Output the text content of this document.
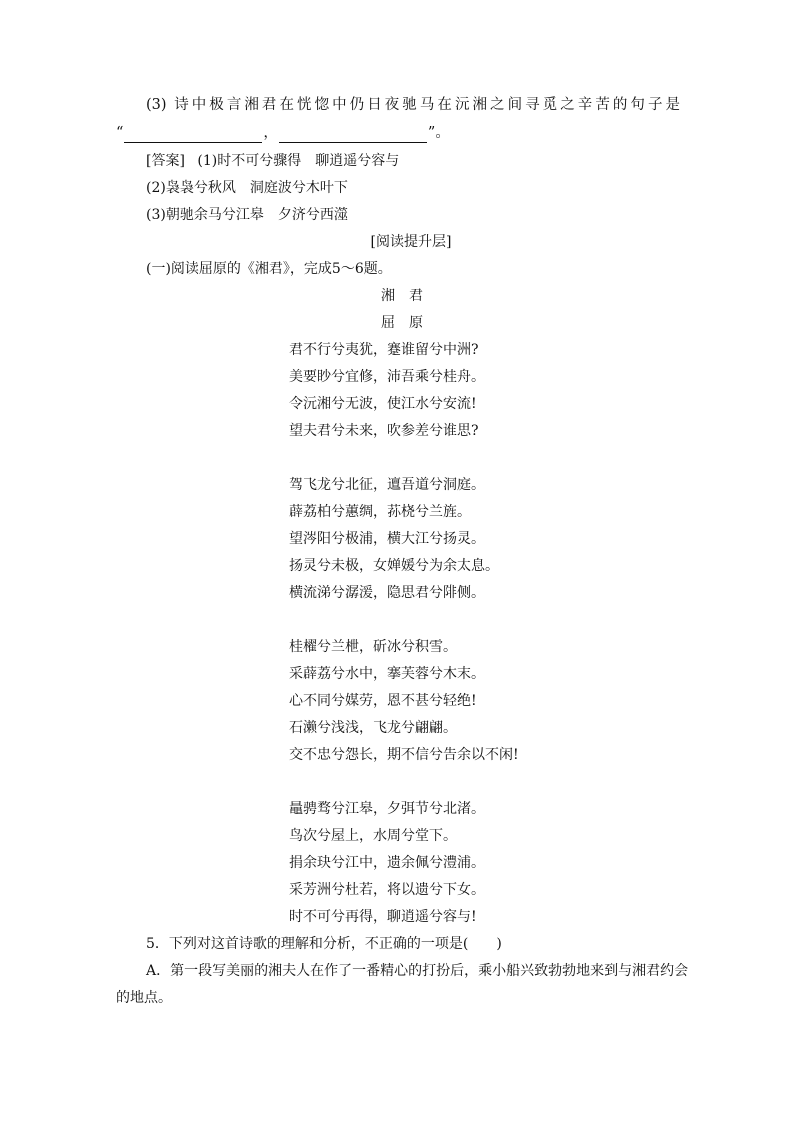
(3) 诗中极言湘君在恍惚中仍日夜驰马在沅湘之间寻觅之辛苦的句子是
“	，	”。
[答案] (1)时不可兮骤得　聊逍遥兮容与
(2)袅袅兮秋风　洞庭波兮木叶下
(3)朝驰余马兮江皋　夕济兮西澨
[阅读提升层]
(一)阅读屈原的《湘君》，完成5～6题。
湘君
屈原
君不行兮夷犹，蹇谁留兮中洲?
美要眇兮宜修，沛吾乘兮桂舟。
令沅湘兮无波，使江水兮安流!
望夫君兮未来，吹参差兮谁思?
驾飞龙兮北征，邅吾道兮洞庭。
薜荔柏兮蕙绸，荪桡兮兰旌。
望涔阳兮极浦，横大江兮扬灵。
扬灵兮未极，女婵媛兮为余太息。
横流涕兮潺湲，隐思君兮陫侧。
桂櫂兮兰枻，斫冰兮积雪。
采薜荔兮水中，搴芙蓉兮木末。
心不同兮媒劳，恩不甚兮轻绝!
石濑兮浅浅，飞龙兮翩翩。
交不忠兮怨长，期不信兮告余以不闲!
鼂骋骛兮江皋，夕弭节兮北渚。
鸟次兮屋上，水周兮堂下。
捐余玦兮江中，遗余佩兮澧浦。
采芳洲兮杜若，将以遗兮下女。
时不可兮再得，聊逍遥兮容与!
5．下列对这首诗歌的理解和分析，不正确的一项是(　　)
A．第一段写美丽的湘夫人在作了一番精心的打扮后，乘小船兴致勃勃地来到与湘君约会
的地点。
